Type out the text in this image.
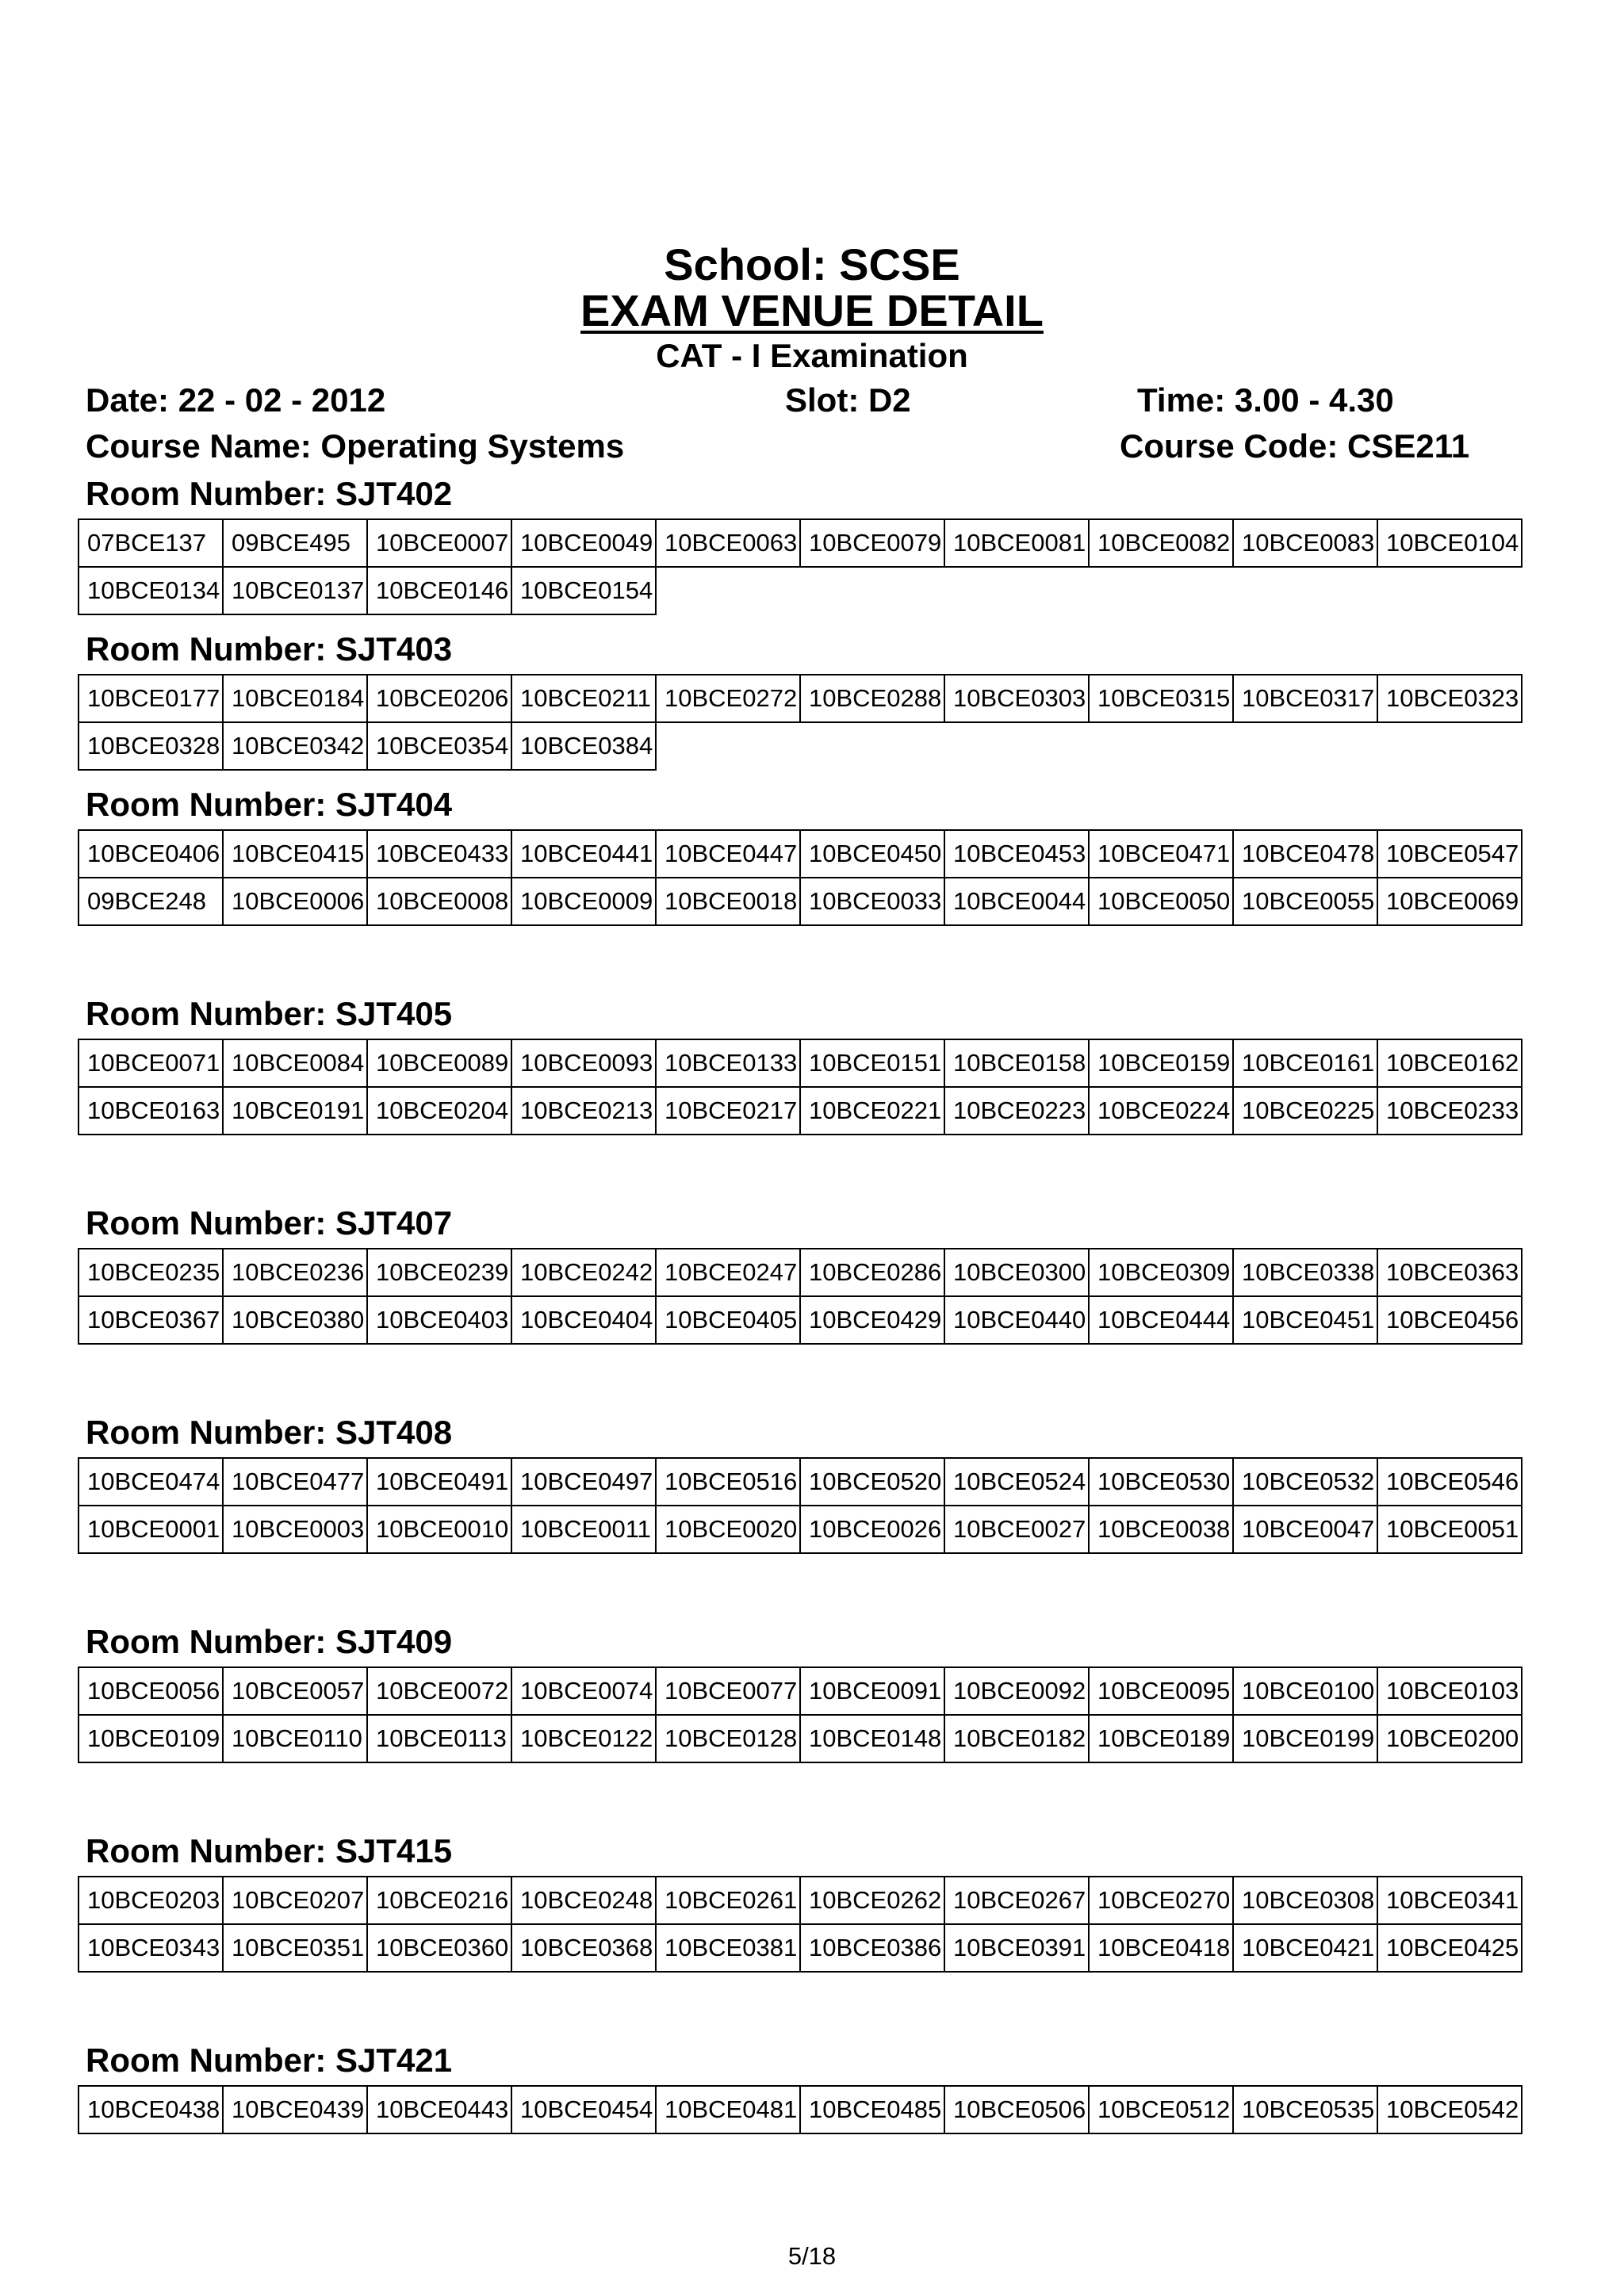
School: SCSE
EXAM VENUE DETAIL
CAT - I Examination
Date: 22 - 02 - 2012	Slot: D2	Time: 3.00 - 4.30
Course Name: Operating Systems	Course Code: CSE211
Room Number: SJT402
07BCE137	09BCE495	10BCE0007	10BCE0049	10BCE0063	10BCE0079	10BCE0081	10BCE0082	10BCE0083	10BCE0104
10BCE0134	10BCE0137	10BCE0146	10BCE0154						
Room Number: SJT403
10BCE0177	10BCE0184	10BCE0206	10BCE0211	10BCE0272	10BCE0288	10BCE0303	10BCE0315	10BCE0317	10BCE0323
10BCE0328	10BCE0342	10BCE0354	10BCE0384						
Room Number: SJT404
10BCE0406	10BCE0415	10BCE0433	10BCE0441	10BCE0447	10BCE0450	10BCE0453	10BCE0471	10BCE0478	10BCE0547
09BCE248	10BCE0006	10BCE0008	10BCE0009	10BCE0018	10BCE0033	10BCE0044	10BCE0050	10BCE0055	10BCE0069
Room Number: SJT405
10BCE0071	10BCE0084	10BCE0089	10BCE0093	10BCE0133	10BCE0151	10BCE0158	10BCE0159	10BCE0161	10BCE0162
10BCE0163	10BCE0191	10BCE0204	10BCE0213	10BCE0217	10BCE0221	10BCE0223	10BCE0224	10BCE0225	10BCE0233
Room Number: SJT407
10BCE0235	10BCE0236	10BCE0239	10BCE0242	10BCE0247	10BCE0286	10BCE0300	10BCE0309	10BCE0338	10BCE0363
10BCE0367	10BCE0380	10BCE0403	10BCE0404	10BCE0405	10BCE0429	10BCE0440	10BCE0444	10BCE0451	10BCE0456
Room Number: SJT408
10BCE0474	10BCE0477	10BCE0491	10BCE0497	10BCE0516	10BCE0520	10BCE0524	10BCE0530	10BCE0532	10BCE0546
10BCE0001	10BCE0003	10BCE0010	10BCE0011	10BCE0020	10BCE0026	10BCE0027	10BCE0038	10BCE0047	10BCE0051
Room Number: SJT409
10BCE0056	10BCE0057	10BCE0072	10BCE0074	10BCE0077	10BCE0091	10BCE0092	10BCE0095	10BCE0100	10BCE0103
10BCE0109	10BCE0110	10BCE0113	10BCE0122	10BCE0128	10BCE0148	10BCE0182	10BCE0189	10BCE0199	10BCE0200
Room Number: SJT415
10BCE0203	10BCE0207	10BCE0216	10BCE0248	10BCE0261	10BCE0262	10BCE0267	10BCE0270	10BCE0308	10BCE0341
10BCE0343	10BCE0351	10BCE0360	10BCE0368	10BCE0381	10BCE0386	10BCE0391	10BCE0418	10BCE0421	10BCE0425
Room Number: SJT421
10BCE0438	10BCE0439	10BCE0443	10BCE0454	10BCE0481	10BCE0485	10BCE0506	10BCE0512	10BCE0535	10BCE0542
5/18
